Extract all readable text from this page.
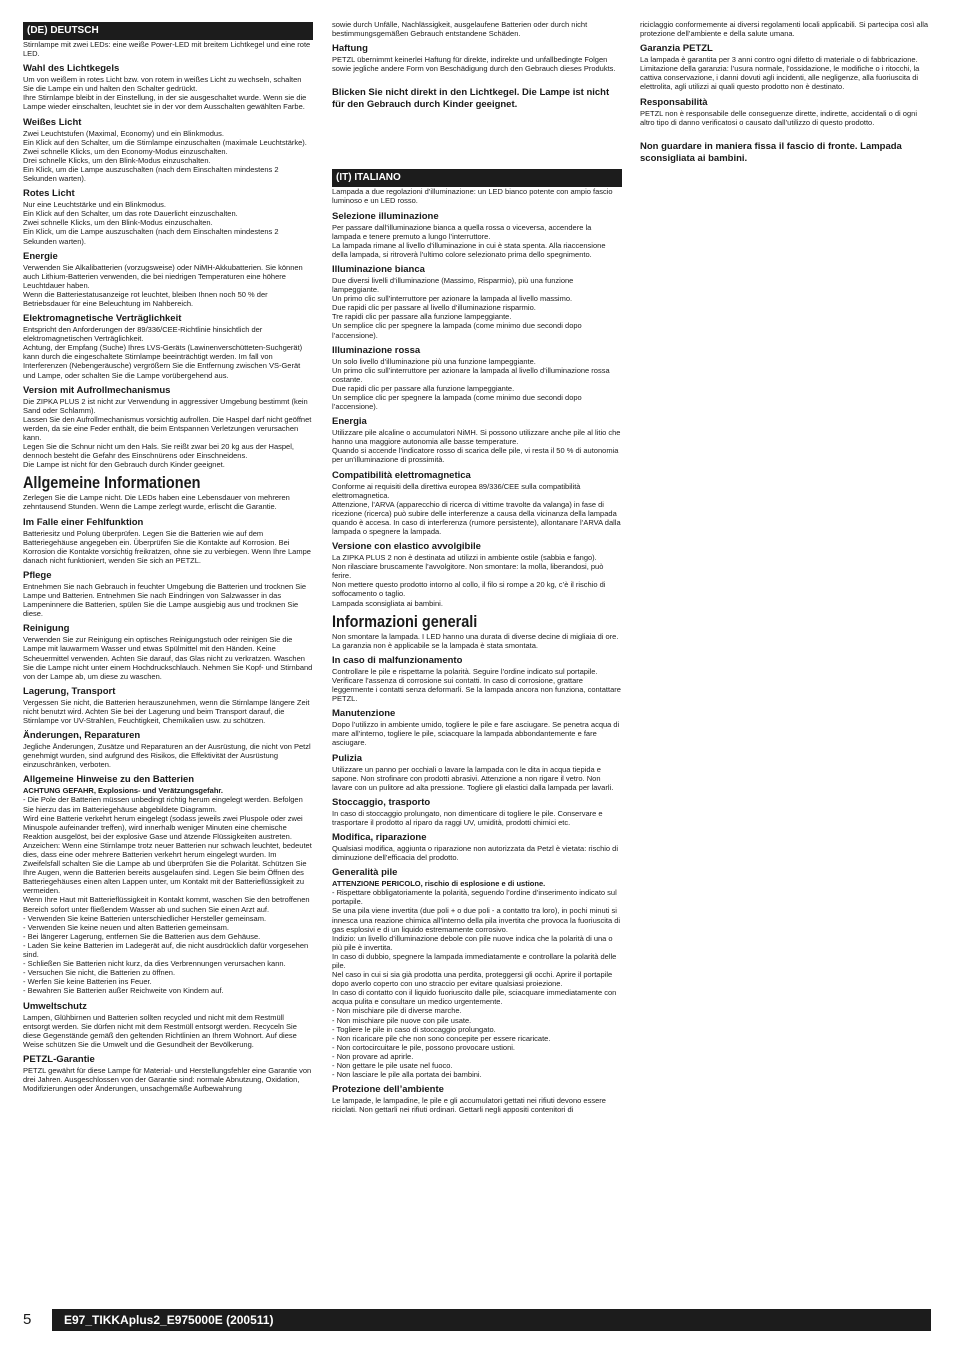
(DE) DEUTSCH

Stirnlampe mit zwei LEDs: eine weiße Power-LED mit breitem Lichtkegel und eine rote LED.

Wahl des Lichtkegels

Um von weißem in rotes Licht bzw. von rotem in weißes Licht zu wechseln, schalten Sie die Lampe ein und halten den Schalter gedrückt.
Ihre Stirnlampe bleibt in der Einstellung, in der sie ausgeschaltet wurde. Wenn sie die Lampe wieder einschalten, leuchtet sie in der vor dem Ausschalten gewählten Farbe.

Weißes Licht

Zwei Leuchtstufen (Maximal, Economy) und ein Blinkmodus.
Ein Klick auf den Schalter, um die Stirnlampe einzuschalten (maximale Leuchtstärke).
Zwei schnelle Klicks, um den Economy-Modus einzuschalten.
Drei schnelle Klicks, um den Blink-Modus einzuschalten.
Ein Klick, um die Lampe auszuschalten (nach dem Einschalten mindestens 2 Sekunden warten).

Rotes Licht

Nur eine Leuchtstärke und ein Blinkmodus.
Ein Klick auf den Schalter, um das rote Dauerlicht einzuschalten.
Zwei schnelle Klicks, um den Blink-Modus einzuschalten.
Ein Klick, um die Lampe auszuschalten (nach dem Einschalten mindestens 2 Sekunden warten).

Energie

Verwenden Sie Alkalibatterien (vorzugsweise) oder NiMH-Akkubatterien. Sie können auch Lithium-Batterien verwenden, die bei niedrigen Temperaturen eine höhere Leuchtdauer haben.
Wenn die Batteriestatusanzeige rot leuchtet, bleiben Ihnen noch 50 % der Betriebsdauer für eine Beleuchtung im Nahbereich.

Elektromagnetische Verträglichkeit

Entspricht den Anforderungen der 89/336/CEE-Richtlinie hinsichtlich der elektromagnetischen Verträglichkeit.
Achtung, der Empfang (Suche) Ihres LVS-Geräts (Lawinenverschütteten-Suchgerät) kann durch die eingeschaltete Stirnlampe beeinträchtigt werden. Im fall von Interferenzen (Nebengeräusche) vergrößern Sie die Entfernung zwischen VS-Gerät und Lampe, oder schalten Sie die Lampe vorübergehend aus.

Version mit Aufrollmechanismus

Die ZIPKA PLUS 2 ist nicht zur Verwendung in aggressiver Umgebung bestimmt (kein Sand oder Schlamm).
Lassen Sie den Aufrollmechanismus vorsichtig aufrollen. Die Haspel darf nicht geöffnet werden, da sie eine Feder enthält, die beim Entspannen Verletzungen verursachen kann.
Legen Sie die Schnur nicht um den Hals. Sie reißt zwar bei 20 kg aus der Haspel, dennoch besteht die Gefahr des Einschnürens oder Einschneidens.
Die Lampe ist nicht für den Gebrauch durch Kinder geeignet.

Allgemeine Informationen

Zerlegen Sie die Lampe nicht. Die LEDs haben eine Lebensdauer von mehreren zehntausend Stunden. Wenn die Lampe zerlegt wurde, erlischt die Garantie.

Im Falle einer Fehlfunktion

Batteriesitz und Polung überprüfen. Legen Sie die Batterien wie auf dem Batteriegehäuse angegeben ein. Überprüfen Sie die Kontakte auf Korrosion. Bei Korrosion die Kontakte vorsichtig freikratzen, ohne sie zu verbiegen. Wenn Ihre Lampe danach nicht funktioniert, wenden Sie sich an PETZL.

Pflege

Entnehmen Sie nach Gebrauch in feuchter Umgebung die Batterien und trocknen Sie Lampe und Batterien. Entnehmen Sie nach Eindringen von Salzwasser in das Lampeninnere die Batterien, spülen Sie die Lampe ausgiebig aus und trocknen Sie diese.

Reinigung

Verwenden Sie zur Reinigung ein optisches Reinigungstuch oder reinigen Sie die Lampe mit lauwarmem Wasser und etwas Spülmittel mit den Händen. Keine Scheuermittel verwenden. Achten Sie darauf, das Glas nicht zu verkratzen. Waschen Sie die Lampe nicht unter einem Hochdruckschlauch. Nehmen Sie Kopf- und Stirnband von der Lampe ab, um diese zu waschen.

Lagerung, Transport

Vergessen Sie nicht, die Batterien herauszunehmen, wenn die Stirnlampe längere Zeit nicht benutzt wird. Achten Sie bei der Lagerung und beim Transport darauf, die Stirnlampe vor UV-Strahlen, Feuchtigkeit, Chemikalien usw. zu schützen.

Änderungen, Reparaturen

Jegliche Änderungen, Zusätze und Reparaturen an der Ausrüstung, die nicht von Petzl genehmigt wurden, sind aufgrund des Risikos, die Effektivität der Ausrüstung einzuschränken, verboten.

Allgemeine Hinweise zu den Batterien

ACHTUNG GEFAHR, Explosions- und Verätzungsgefahr.

- Die Pole der Batterien müssen unbedingt richtig herum eingelegt werden. Befolgen Sie hierzu das im Batteriegehäuse abgebildete Diagramm.
Wird eine Batterie verkehrt herum eingelegt (sodass jeweils zwei Pluspole oder zwei Minuspole aufeinander treffen), wird innerhalb weniger Minuten eine chemische Reaktion ausgelöst, bei der explosive Gase und ätzende Flüssigkeiten austreten.
Anzeichen: Wenn eine Stirnlampe trotz neuer Batterien nur schwach leuchtet, bedeutet dies, dass eine oder mehrere Batterien verkehrt herum eingelegt wurden. Im Zweifelsfall schalten Sie die Lampe ab und überprüfen Sie die Polarität. Schützen Sie Ihre Augen, wenn die Batterien bereits ausgelaufen sind. Legen Sie beim Öffnen des Batteriegehäuses einen alten Lappen unter, um Kontakt mit der Batterieflüssigkeit zu vermeiden.
Wenn Ihre Haut mit Batterieflüssigkeit in Kontakt kommt, waschen Sie den betroffenen Bereich sofort unter fließendem Wasser ab und suchen Sie einen Arzt auf.
- Verwenden Sie keine Batterien unterschiedlicher Hersteller gemeinsam.
- Verwenden Sie keine neuen und alten Batterien gemeinsam.
- Bei längerer Lagerung, entfernen Sie die Batterien aus dem Gehäuse.
- Laden Sie keine Batterien im Ladegerät auf, die nicht ausdrücklich dafür vorgesehen sind.
- Schließen Sie Batterien nicht kurz, da dies Verbrennungen verursachen kann.
- Versuchen Sie nicht, die Batterien zu öffnen.
- Werfen Sie keine Batterien ins Feuer.
- Bewahren Sie Batterien außer Reichweite von Kindern auf.

Umweltschutz

Lampen, Glühbirnen und Batterien sollten recycled und nicht mit dem Restmüll entsorgt werden. Sie dürfen nicht mit dem Restmüll entsorgt werden. Recyceln Sie diese Gegenstände gemäß den geltenden Richtlinien an Ihrem Wohnort. Auf diese Weise schützen Sie die Umwelt und die Gesundheit der Bevölkerung.

PETZL-Garantie

PETZL gewährt für diese Lampe für Material- und Herstellungsfehler eine Garantie von drei Jahren. Ausgeschlossen von der Garantie sind: normale Abnutzung, Oxidation, Modifizierungen oder Änderungen, unsachgemäße Aufbewahrung

sowie durch Unfälle, Nachlässigkeit, ausgelaufene Batterien oder durch nicht bestimmungsgemäßen Gebrauch entstandene Schäden.

Haftung

PETZL übernimmt keinerlei Haftung für direkte, indirekte und unfallbedingte Folgen sowie jegliche andere Form von Beschädigung durch den Gebrauch dieses Produkts.

Blicken Sie nicht direkt in den Lichtkegel. Die Lampe ist nicht für den Gebrauch durch Kinder geeignet.

(IT) ITALIANO

Lampada a due regolazioni d’illuminazione: un LED bianco potente con ampio fascio luminoso e un LED rosso.

Selezione illuminazione

Per passare dall’illuminazione bianca a quella rossa o viceversa, accendere la lampada e tenere premuto a lungo l’interruttore.
La lampada rimane al livello d’illuminazione in cui è stata spenta. Alla riaccensione della lampada, si ritroverà l’ultimo colore selezionato prima dello spegnimento.

Illuminazione bianca

Due diversi livelli d’illuminazione (Massimo, Risparmio), più una funzione lampeggiante.
Un primo clic sull’interruttore per azionare la lampada al livello massimo.
Due rapidi clic per passare al livello d’illuminazione risparmio.
Tre rapidi clic per passare alla funzione lampeggiante.
Un semplice clic per spegnere la lampada (come minimo due secondi dopo l’accensione).

Illuminazione rossa

Un solo livello d’illuminazione più una funzione lampeggiante.
Un primo clic sull’interruttore per azionare la lampada al livello d’illuminazione rossa costante.
Due rapidi clic per passare alla funzione lampeggiante.
Un semplice clic per spegnere la lampada (come minimo due secondi dopo l’accensione).

Energia

Utilizzare pile alcaline o accumulatori NiMH. Si possono utilizzare anche pile al litio che hanno una maggiore autonomia alle basse temperature.
Quando si accende l’indicatore rosso di scarica delle pile, vi resta il 50 % di autonomia per un’illuminazione di prossimità.

Compatibilità elettromagnetica

Conforme ai requisiti della direttiva europea 89/336/CEE sulla compatibilità elettromagnetica.
Attenzione, l’ARVA (apparecchio di ricerca di vittime travolte da valanga) in fase di ricezione (ricerca) può subire delle interferenze a causa della vicinanza della lampada quando è accesa. In caso di interferenza (rumore persistente), allontanare l’ARVA dalla lampada o spegnere la lampada.

Versione con elastico avvolgibile

La ZIPKA PLUS 2 non è destinata ad utilizzi in ambiente ostile (sabbia e fango).
Non rilasciare bruscamente l’avvolgitore. Non smontare: la molla, liberandosi, può ferire.
Non mettere questo prodotto intorno al collo, il filo si rompe a 20 kg, c’è il rischio di soffocamento o taglio.
Lampada sconsigliata ai bambini.

Informazioni generali

Non smontare la lampada. I LED hanno una durata di diverse decine di migliaia di ore. La garanzia non è applicabile se la lampada è stata smontata.

In caso di malfunzionamento

Controllare le pile e rispettarne la polarità. Seguire l’ordine indicato sul portapile. Verificare l’assenza di corrosione sui contatti. In caso di corrosione, grattare leggermente i contatti senza deformarli. Se la lampada ancora non funziona, contattare PETZL.

Manutenzione

Dopo l’utilizzo in ambiente umido, togliere le pile e fare asciugare. Se penetra acqua di mare all’interno, togliere le pile, sciacquare la lampada abbondantemente e fare asciugare.

Pulizia

Utilizzare un panno per occhiali o lavare la lampada con le dita in acqua tiepida e sapone. Non strofinare con prodotti abrasivi. Attenzione a non rigare il vetro. Non lavare con un pulitore ad alta pressione. Togliere gli elastici dalla lampada per lavarli.

Stoccaggio, trasporto

In caso di stoccaggio prolungato, non dimenticare di togliere le pile. Conservare e trasportare il prodotto al riparo da raggi UV, umidità, prodotti chimici etc.

Modifica, riparazione

Qualsiasi modifica, aggiunta o riparazione non autorizzata da Petzl è vietata: rischio di diminuzione dell’efficacia del prodotto.

Generalità pile

ATTENZIONE PERICOLO, rischio di esplosione e di ustione.

- Rispettare obbligatoriamente la polarità, seguendo l’ordine d’inserimento indicato sul portapile.
Se una pila viene invertita (due poli + o due poli - a contatto tra loro), in pochi minuti si innesca una reazione chimica all’interno della pila invertita che provoca la fuoriuscita di gas esplosivi e di un liquido estremamente corrosivo.
Indizio: un livello d’illuminazione debole con pile nuove indica che la polarità di una o più pile è invertita.
In caso di dubbio, spegnere la lampada immediatamente e controllare la polarità delle pile.
Nel caso in cui si sia già prodotta una perdita, proteggersi gli occhi. Aprire il portapile dopo averlo coperto con uno straccio per evitare qualsiasi proiezione.
In caso di contatto con il liquido fuoriuscito dalle pile, sciacquare immediatamente con acqua pulita e consultare un medico urgentemente.
- Non mischiare pile di diverse marche.
- Non mischiare pile nuove con pile usate.
- Togliere le pile in caso di stoccaggio prolungato.
- Non ricaricare pile che non sono concepite per essere ricaricate.
- Non cortocircuitare le pile, possono provocare ustioni.
- Non provare ad aprirle.
- Non gettare le pile usate nel fuoco.
- Non lasciare le pile alla portata dei bambini.

Protezione dell’ambiente

Le lampade, le lampadine, le pile e gli accumulatori gettati nei rifiuti devono essere riciclati. Non gettarli nei rifiuti ordinari. Gettarli negli appositi contenitori di

riciclaggio conformemente ai diversi regolamenti locali applicabili. Si partecipa così alla protezione dell’ambiente e della salute umana.

Garanzia PETZL

La lampada è garantita per 3 anni contro ogni difetto di materiale o di fabbricazione. Limitazione della garanzia: l’usura normale, l’ossidazione, le modifiche o i ritocchi, la cattiva conservazione, i danni dovuti agli incidenti, alle negligenze, alla fuoriuscita di elettrolita, agli utilizzi ai quali questo prodotto non è destinato.

Responsabilità

PETZL non è responsabile delle conseguenze dirette, indirette, accidentali o di ogni altro tipo di danno verificatosi o causato dall’utilizzo di questo prodotto.

Non guardare in maniera fissa il fascio di fronte. Lampada sconsigliata ai bambini.

5	E97_TIKKAplus2_E975000E (200511)
